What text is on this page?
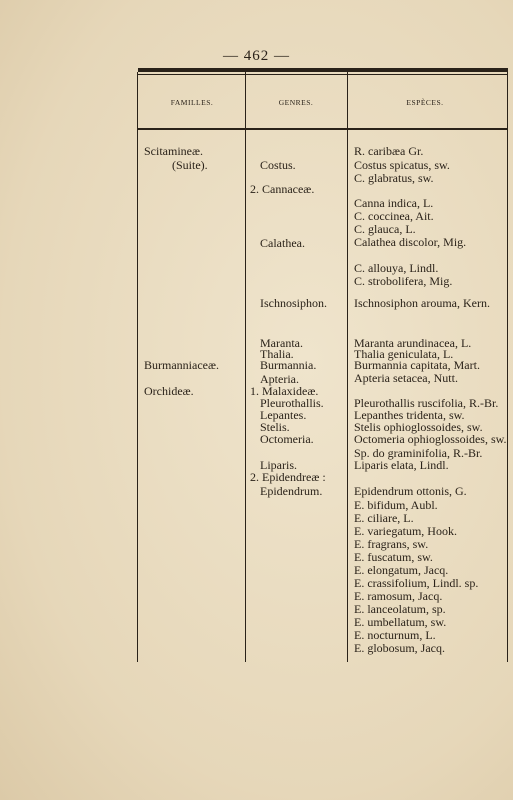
— 462 —
FAMILLES.	GENRES.	ESPÈCES.
Scitamineæ.
(Suite).
Burmanniaceæ.
Orchideæ.
Costus.
2. Cannaceæ.
Calathea.
Ischnosiphon.
Maranta.
Thalia.
Burmannia.
Apteria.
1. Malaxideæ.
Pleurothallis.
Lepantes.
Stelis.
Octomeria.
Liparis.
2. Epidendreæ :
Epidendrum.
R. caribæa Gr.
Costus spicatus, sw.
C. glabratus, sw.
Canna indica, L.
C. coccinea, Ait.
C. glauca, L.
Calathea discolor, Mig.
C. allouya, Lindl.
C. strobolifera, Mig.
Ischnosiphon arouma, Kern.
Maranta arundinacea, L.
Thalia geniculata, L.
Burmannia capitata, Mart.
Apteria setacea, Nutt.
Pleurothallis ruscifolia, R.-Br.
Lepanthes tridenta, sw.
Stelis ophioglossoides, sw.
Octomeria ophioglossoides, sw.
Sp. do graminifolia, R.-Br.
Liparis elata, Lindl.
Epidendrum ottonis, G.
E. bifidum, Aubl.
E. ciliare, L.
E. variegatum, Hook.
E. fragrans, sw.
E. fuscatum, sw.
E. elongatum, Jacq.
E. crassifolium, Lindl. sp.
E. ramosum, Jacq.
E. lanceolatum, sp.
E. umbellatum, sw.
E. nocturnum, L.
E. globosum, Jacq.
